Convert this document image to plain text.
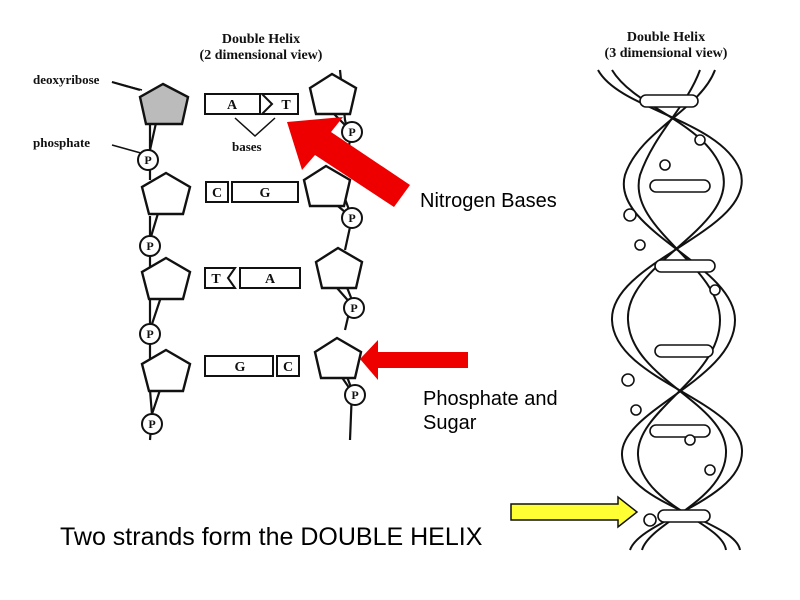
P
P
P
P
P
P
P
P
A	T
C	G
T	A
G	C
Double Helix
(2 dimensional view)
Double Helix
(3 dimensional view)
deoxyribose
phosphate	bases
Nitrogen Bases
Phosphate and Sugar
Two strands form the DOUBLE HELIX
